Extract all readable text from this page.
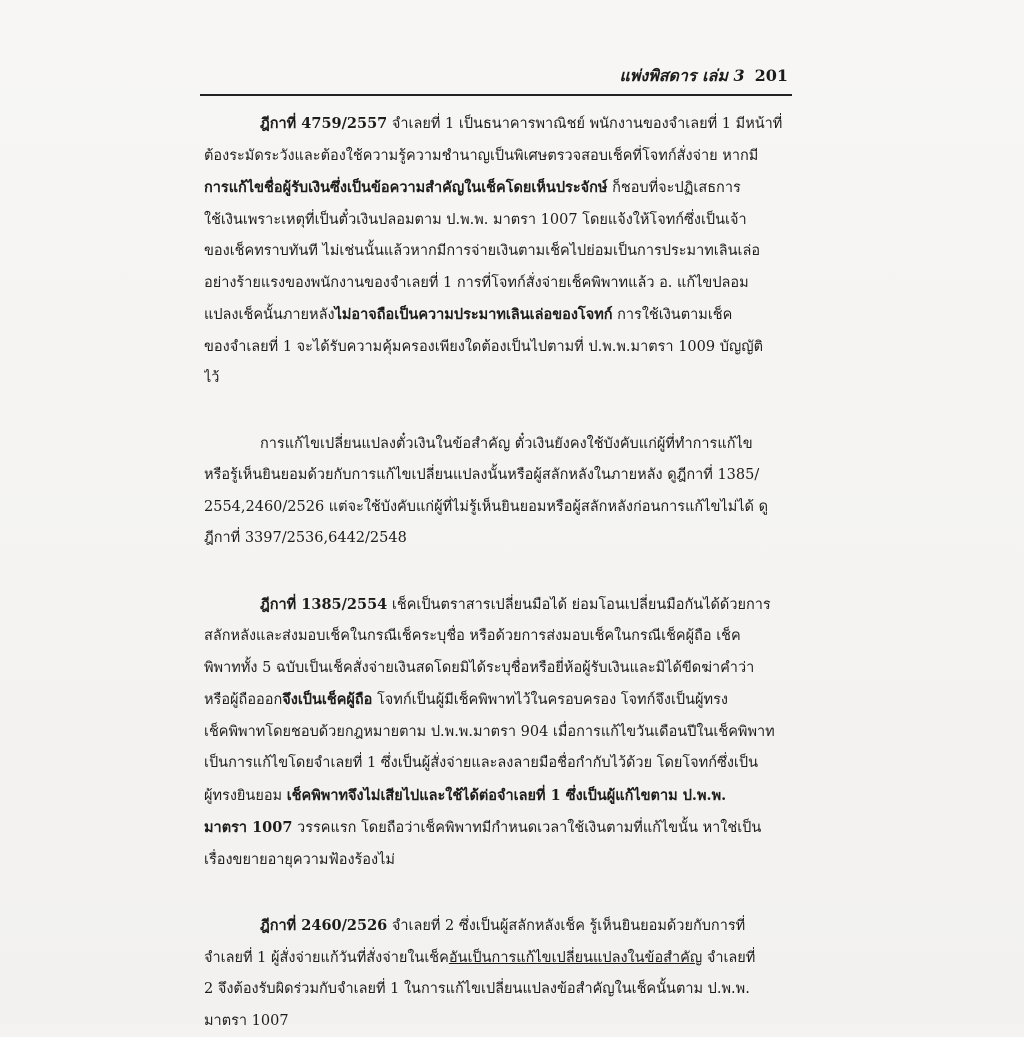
แพ่งพิสดาร เล่ม 3 201
ฎีกาที่ 4759/2557 จำเลยที่ 1 เป็นธนาคารพาณิชย์ พนักงานของจำเลยที่ 1 มีหน้าที่
ต้องระมัดระวังและต้องใช้ความรู้ความชำนาญเป็นพิเศษตรวจสอบเช็คที่โจทก์สั่งจ่าย หากมี
การแก้ไขชื่อผู้รับเงินซึ่งเป็นข้อความสำคัญในเช็คโดยเห็นประจักษ์ ก็ชอบที่จะปฏิเสธการ
ใช้เงินเพราะเหตุที่เป็นตั๋วเงินปลอมตาม ป.พ.พ. มาตรา 1007 โดยแจ้งให้โจทก์ซึ่งเป็นเจ้า
ของเช็คทราบทันที ไม่เช่นนั้นแล้วหากมีการจ่ายเงินตามเช็คไปย่อมเป็นการประมาทเลินเล่อ
อย่างร้ายแรงของพนักงานของจำเลยที่ 1 การที่โจทก์สั่งจ่ายเช็คพิพาทแล้ว อ. แก้ไขปลอม
แปลงเช็คนั้นภายหลังไม่อาจถือเป็นความประมาทเลินเล่อของโจทก์ การใช้เงินตามเช็ค
ของจำเลยที่ 1 จะได้รับความคุ้มครองเพียงใดต้องเป็นไปตามที่ ป.พ.พ.มาตรา 1009 บัญญัติ
ไว้
การแก้ไขเปลี่ยนแปลงตั๋วเงินในข้อสำคัญ ตั๋วเงินยังคงใช้บังคับแก่ผู้ที่ทำการแก้ไข
หรือรู้เห็นยินยอมด้วยกับการแก้ไขเปลี่ยนแปลงนั้นหรือผู้สลักหลังในภายหลัง ดูฎีกาที่ 1385/
2554,2460/2526 แต่จะใช้บังคับแก่ผู้ที่ไม่รู้เห็นยินยอมหรือผู้สลักหลังก่อนการแก้ไขไม่ได้ ดู
ฎีกาที่ 3397/2536,6442/2548
ฎีกาที่ 1385/2554 เช็คเป็นตราสารเปลี่ยนมือได้ ย่อมโอนเปลี่ยนมือกันได้ด้วยการ
สลักหลังและส่งมอบเช็คในกรณีเช็คระบุชื่อ หรือด้วยการส่งมอบเช็คในกรณีเช็คผู้ถือ เช็ค
พิพาททั้ง 5 ฉบับเป็นเช็คสั่งจ่ายเงินสดโดยมิได้ระบุชื่อหรือยี่ห้อผู้รับเงินและมิได้ขีดฆ่าคำว่า
หรือผู้ถือออกจึงเป็นเช็คผู้ถือ โจทก์เป็นผู้มีเช็คพิพาทไว้ในครอบครอง โจทก์จึงเป็นผู้ทรง
เช็คพิพาทโดยชอบด้วยกฎหมายตาม ป.พ.พ.มาตรา 904 เมื่อการแก้ไขวันเดือนปีในเช็คพิพาท
เป็นการแก้ไขโดยจำเลยที่ 1 ซึ่งเป็นผู้สั่งจ่ายและลงลายมือชื่อกำกับไว้ด้วย โดยโจทก์ซึ่งเป็น
ผู้ทรงยินยอม เช็คพิพาทจึงไม่เสียไปและใช้ได้ต่อจำเลยที่ 1 ซึ่งเป็นผู้แก้ไขตาม ป.พ.พ.
มาตรา 1007 วรรคแรก โดยถือว่าเช็คพิพาทมีกำหนดเวลาใช้เงินตามที่แก้ไขนั้น หาใช่เป็น
เรื่องขยายอายุความฟ้องร้องไม่
ฎีกาที่ 2460/2526 จำเลยที่ 2 ซึ่งเป็นผู้สลักหลังเช็ค รู้เห็นยินยอมด้วยกับการที่
จำเลยที่ 1 ผู้สั่งจ่ายแก้วันที่สั่งจ่ายในเช็คอันเป็นการแก้ไขเปลี่ยนแปลงในข้อสำคัญ จำเลยที่
2 จึงต้องรับผิดร่วมกับจำเลยที่ 1 ในการแก้ไขเปลี่ยนแปลงข้อสำคัญในเช็คนั้นตาม ป.พ.พ.
มาตรา 1007
